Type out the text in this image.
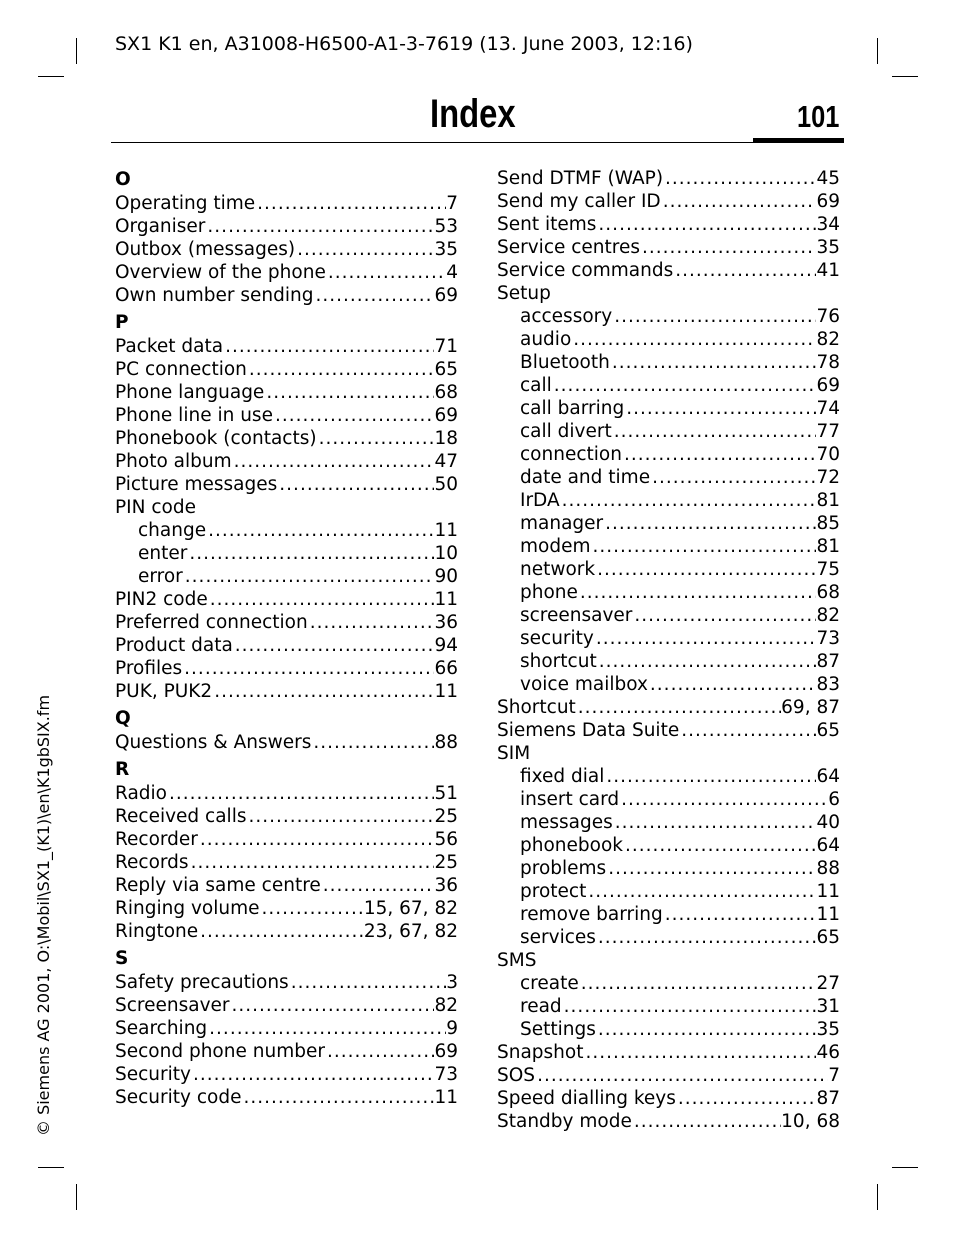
SX1 K1 en, A31008-H6500-A1-3-7619 (13. June 2003, 12:16)
Index	101
© Siemens AG 2001, O:\Mobil\SX1_(K1)\en\K1gbSIX.fm
O
Operating time .....	7
Organiser .....	53
Outbox (messages) .....	35
Overview of the phone .....	4
Own number sending .....	69
P
Packet data .....	71
PC connection .....	65
Phone language .....	68
Phone line in use .....	69
Phonebook (contacts) .....	18
Photo album .....	47
Picture messages .....	50
PIN code
change .....	11
enter .....	10
error .....	90
PIN2 code .....	11
Preferred connection .....	36
Product data .....	94
Profiles .....	66
PUK, PUK2 .....	11
Q
Questions & Answers .....	88
R
Radio .....	51
Received calls .....	25
Recorder .....	56
Records .....	25
Reply via same centre .....	36
Ringing volume .....	15, 67, 82
Ringtone .....	23, 67, 82
S
Safety precautions .....	3
Screensaver .....	82
Searching .....	9
Second phone number .....	69
Security .....	73
Security code .....	11
Send DTMF (WAP) .....	45
Send my caller ID .....	69
Sent items .....	34
Service centres .....	35
Service commands .....	41
Setup
accessory .....	76
audio .....	82
Bluetooth .....	78
call .....	69
call barring .....	74
call divert .....	77
connection .....	70
date and time .....	72
IrDA .....	81
manager .....	85
modem .....	81
network .....	75
phone .....	68
screensaver .....	82
security .....	73
shortcut .....	87
voice mailbox .....	83
Shortcut .....	69, 87
Siemens Data Suite .....	65
SIM
fixed dial .....	64
insert card .....	6
messages .....	40
phonebook .....	64
problems .....	88
protect .....	11
remove barring .....	11
services .....	65
SMS
create .....	27
read .....	31
Settings .....	35
Snapshot .....	46
SOS .....	7
Speed dialling keys .....	87
Standby mode .....	10, 68
